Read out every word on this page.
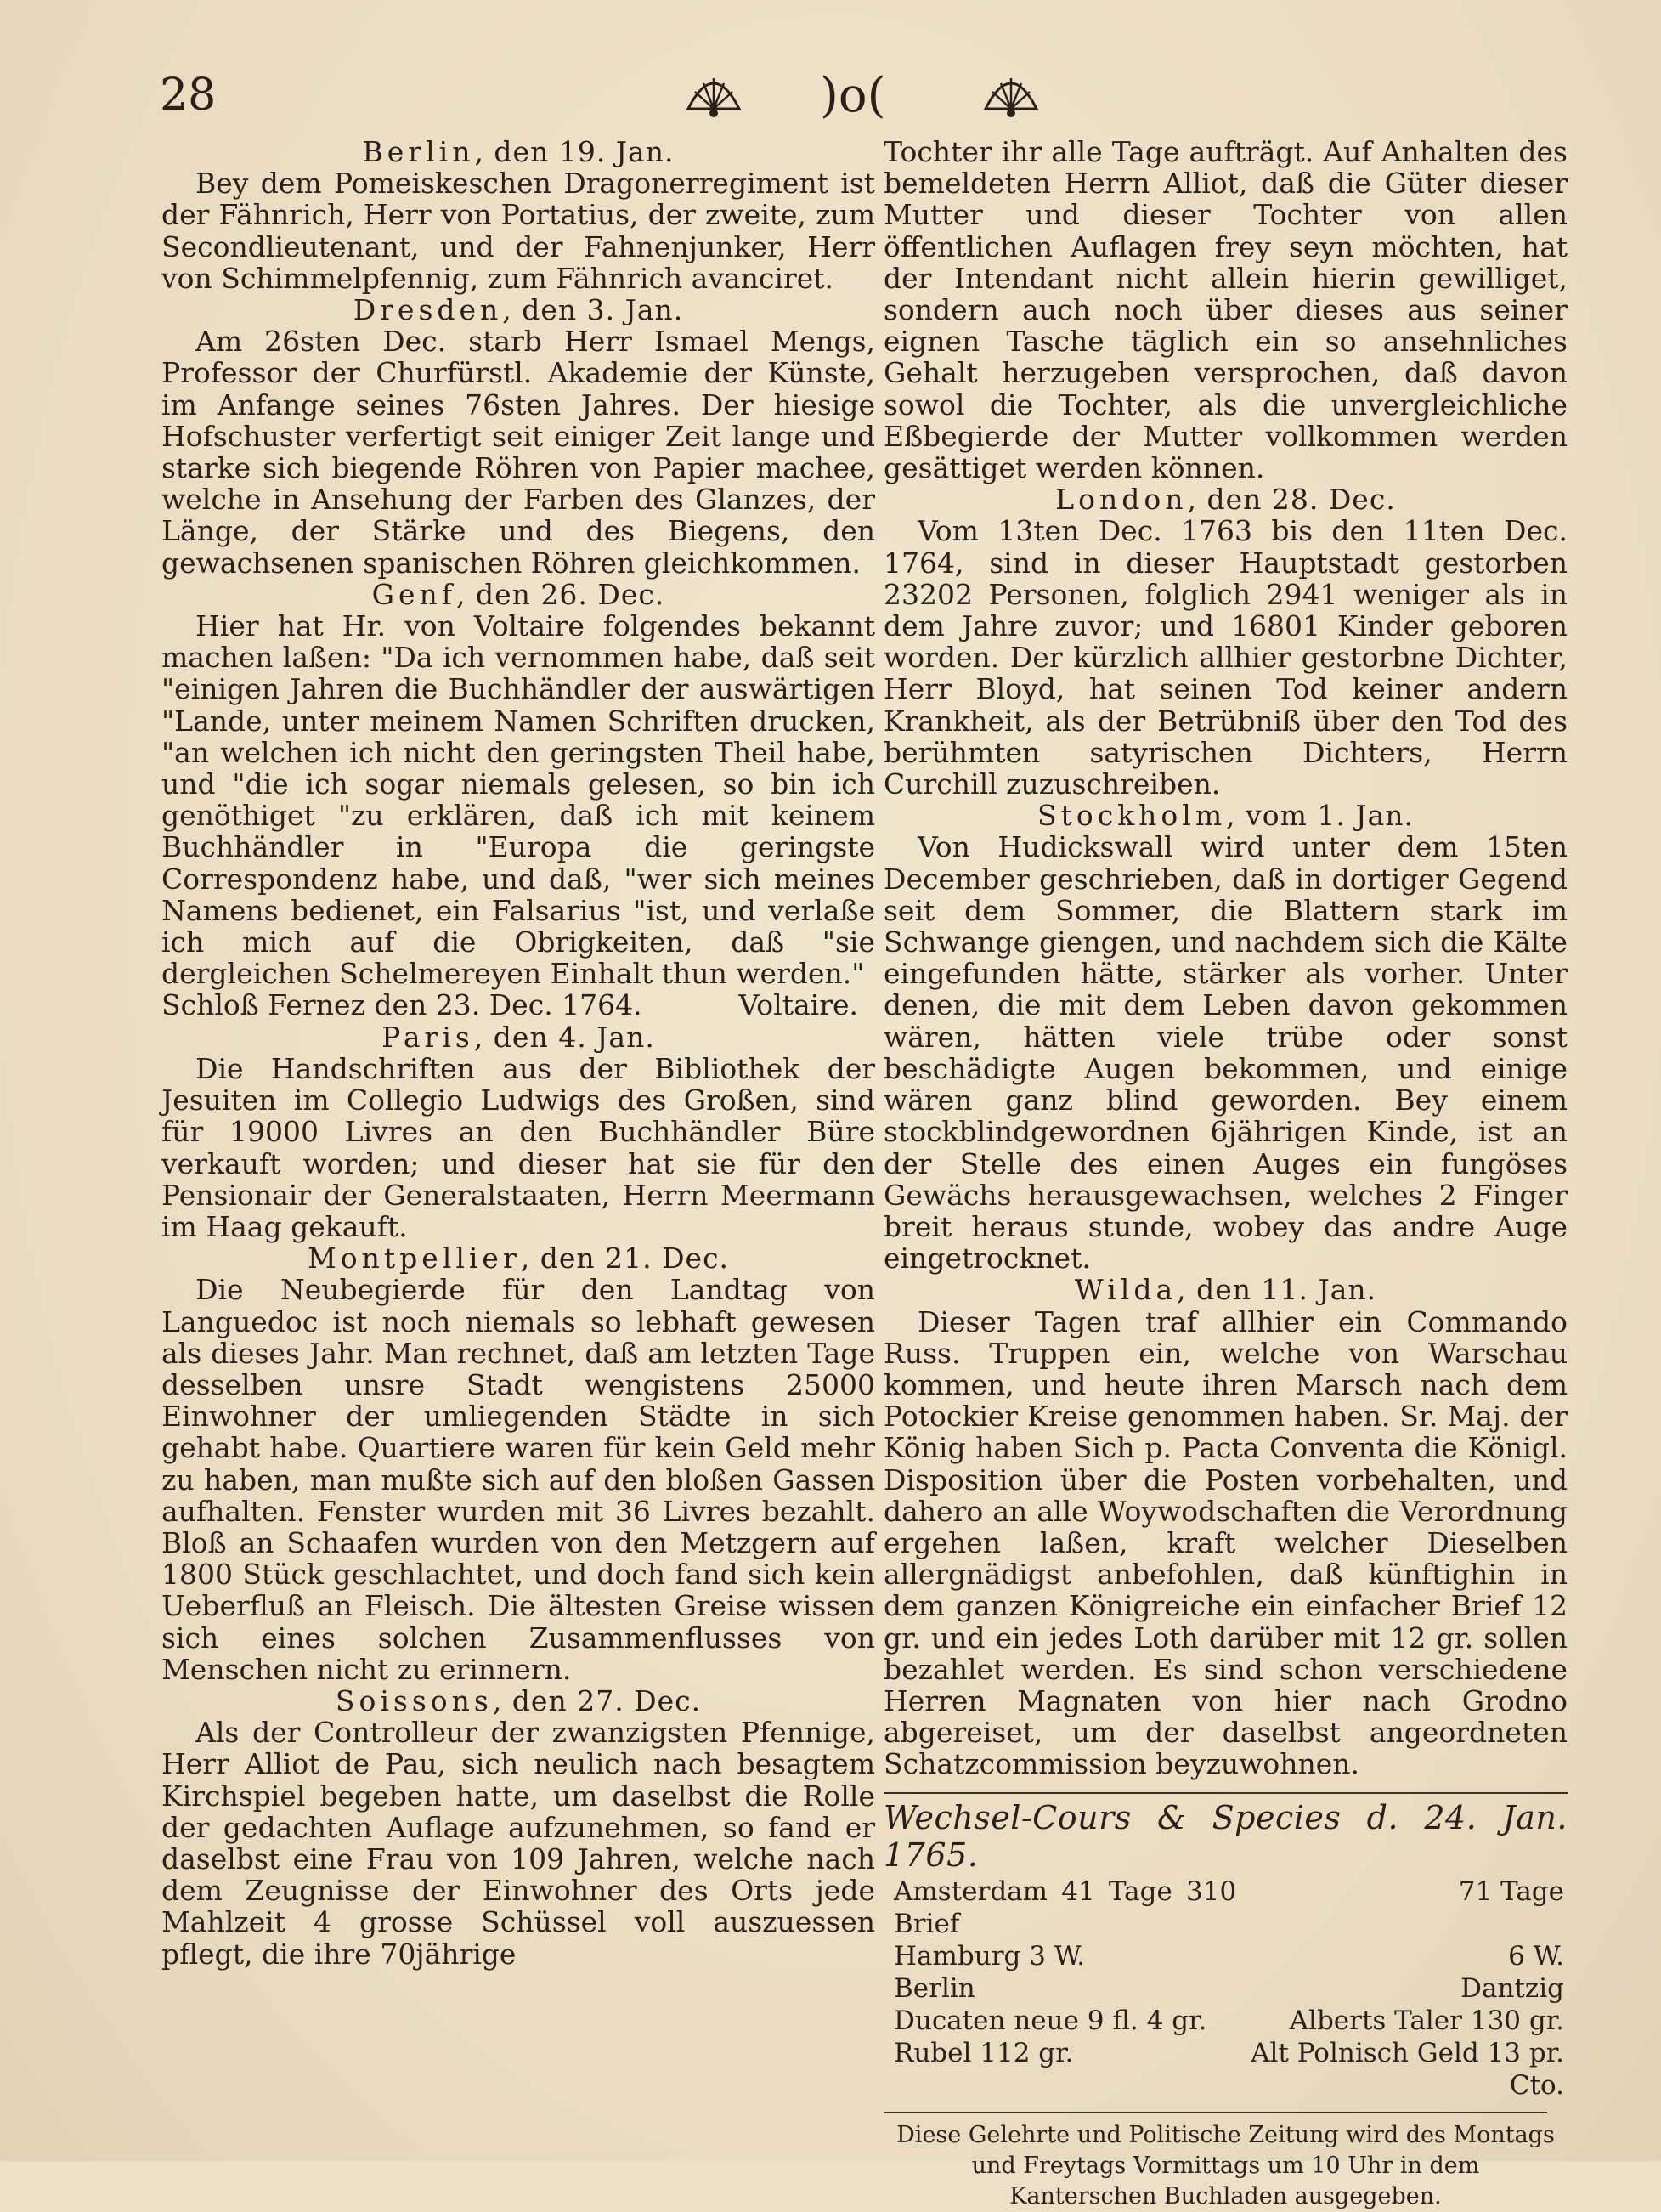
28	)o(
Berlin, den 19. Jan.

Bey dem Pomeiskeschen Dragonerregiment ist der Fähnrich, Herr von Portatius, der zweite, zum Secondlieutenant, und der Fahnenjunker, Herr von Schimmelpfennig, zum Fähnrich avanciret.

Dresden, den 3. Jan.

Am 26sten Dec. starb Herr Ismael Mengs, Professor der Churfürstl. Akademie der Künste, im Anfange seines 76sten Jahres. Der hiesige Hofschuster verfertigt seit einiger Zeit lange und starke sich biegende Röhren von Papier machee, welche in Ansehung der Farben des Glanzes, der Länge, der Stärke und des Biegens, den gewachsenen spanischen Röhren gleichkommen.

Genf, den 26. Dec.

Hier hat Hr. von Voltaire folgendes bekannt machen laßen: "Da ich vernommen habe, daß seit "einigen Jahren die Buchhändler der auswärtigen "Lande, unter meinem Namen Schriften drucken, "an welchen ich nicht den geringsten Theil habe, und "die ich sogar niemals gelesen, so bin ich genöthiget "zu erklären, daß ich mit keinem Buchhändler in "Europa die geringste Correspondenz habe, und daß, "wer sich meines Namens bedienet, ein Falsarius "ist, und verlaße ich mich auf die Obrigkeiten, daß "sie dergleichen Schelmereyen Einhalt thun werden."

Schloß Fernez den 23. Dec. 1764.	Voltaire.
Paris, den 4. Jan.

Die Handschriften aus der Bibliothek der Jesuiten im Collegio Ludwigs des Großen, sind für 19000 Livres an den Buchhändler Büre verkauft worden; und dieser hat sie für den Pensionair der Generalstaaten, Herrn Meermann im Haag gekauft.

Montpellier, den 21. Dec.

Die Neubegierde für den Landtag von Languedoc ist noch niemals so lebhaft gewesen als dieses Jahr. Man rechnet, daß am letzten Tage desselben unsre Stadt wengistens 25000 Einwohner der umliegenden Städte in sich gehabt habe. Quartiere waren für kein Geld mehr zu haben, man mußte sich auf den bloßen Gassen aufhalten. Fenster wurden mit 36 Livres bezahlt. Bloß an Schaafen wurden von den Metzgern auf 1800 Stück geschlachtet, und doch fand sich kein Ueberfluß an Fleisch. Die ältesten Greise wissen sich eines solchen Zusammenflusses von Menschen nicht zu erinnern.

Soissons, den 27. Dec.

Als der Controlleur der zwanzigsten Pfennige, Herr Alliot de Pau, sich neulich nach besagtem Kirchspiel begeben hatte, um daselbst die Rolle der gedachten Auflage aufzunehmen, so fand er daselbst eine Frau von 109 Jahren, welche nach dem Zeugnisse der Einwohner des Orts jede Mahlzeit 4 grosse Schüssel voll auszuessen pflegt, die ihre 70jährige

Tochter ihr alle Tage aufträgt. Auf Anhalten des bemeldeten Herrn Alliot, daß die Güter dieser Mutter und dieser Tochter von allen öffentlichen Auflagen frey seyn möchten, hat der Intendant nicht allein hierin gewilliget, sondern auch noch über dieses aus seiner eignen Tasche täglich ein so ansehnliches Gehalt herzugeben versprochen, daß davon sowol die Tochter, als die unvergleichliche Eßbegierde der Mutter vollkommen werden gesättiget werden können.

London, den 28. Dec.

Vom 13ten Dec. 1763 bis den 11ten Dec. 1764, sind in dieser Hauptstadt gestorben 23202 Personen, folglich 2941 weniger als in dem Jahre zuvor; und 16801 Kinder geboren worden. Der kürzlich allhier gestorbne Dichter, Herr Bloyd, hat seinen Tod keiner andern Krankheit, als der Betrübniß über den Tod des berühmten satyrischen Dichters, Herrn Curchill zuzuschreiben.

Stockholm, vom 1. Jan.

Von Hudickswall wird unter dem 15ten December geschrieben, daß in dortiger Gegend seit dem Sommer, die Blattern stark im Schwange giengen, und nachdem sich die Kälte eingefunden hätte, stärker als vorher. Unter denen, die mit dem Leben davon gekommen wären, hätten viele trübe oder sonst beschädigte Augen bekommen, und einige wären ganz blind geworden. Bey einem stockblindgewordnen 6jährigen Kinde, ist an der Stelle des einen Auges ein fungöses Gewächs herausgewachsen, welches 2 Finger breit heraus stunde, wobey das andre Auge eingetrocknet.

Wilda, den 11. Jan.

Dieser Tagen traf allhier ein Commando Russ. Truppen ein, welche von Warschau kommen, und heute ihren Marsch nach dem Potockier Kreise genommen haben. Sr. Maj. der König haben Sich p. Pacta Conventa die Königl. Disposition über die Posten vorbehalten, und dahero an alle Woywodschaften die Verordnung ergehen laßen, kraft welcher Dieselben allergnädigst anbefohlen, daß künftighin in dem ganzen Königreiche ein einfacher Brief 12 gr. und ein jedes Loth darüber mit 12 gr. sollen bezahlet werden. Es sind schon verschiedene Herren Magnaten von hier nach Grodno abgereiset, um der daselbst angeordneten Schatzcommission beyzuwohnen.

Wechsel-Cours & Species d. 24. Jan. 1765.
Amsterdam 41 Tage 310 Brief	71 Tage
Hamburg 3 W.	6 W.
Berlin	Dantzig
Ducaten neue 9 fl. 4 gr.	Alberts Taler 130 gr.
Rubel 112 gr.	Alt Polnisch Geld 13 pr. Cto.
Diese Gelehrte und Politische Zeitung wird des Montags
und Freytags Vormittags um 10 Uhr in dem
Kanterschen Buchladen ausgegeben.
